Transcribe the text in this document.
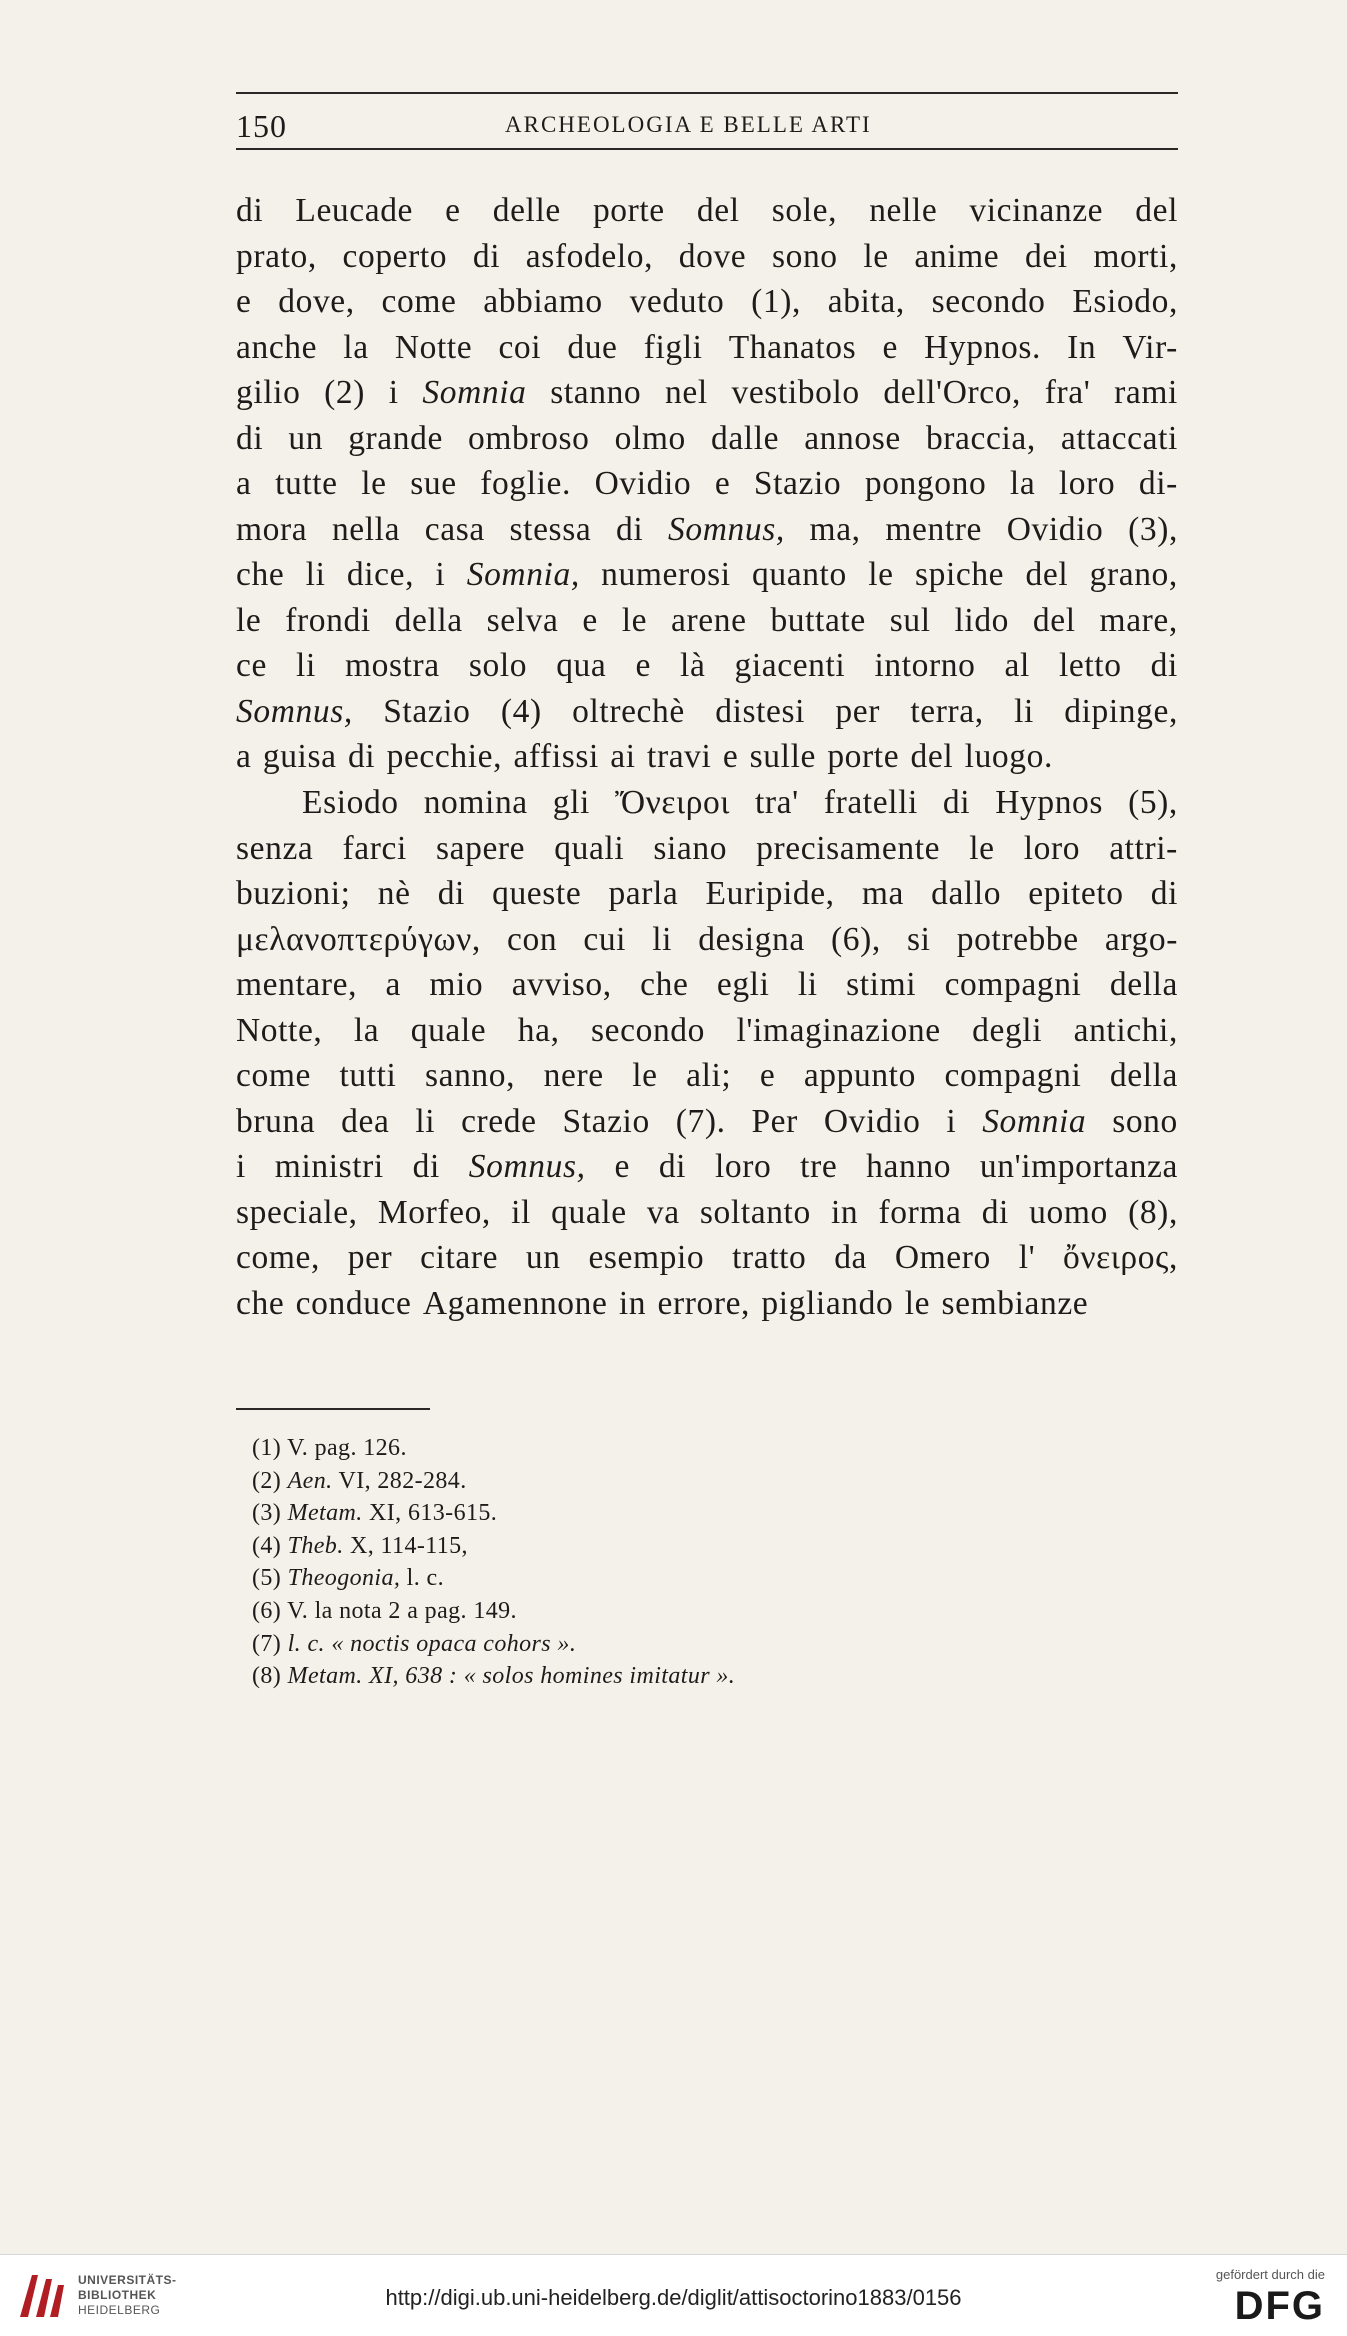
150	ARCHEOLOGIA E BELLE ARTI
di Leucade e delle porte del sole, nelle vicinanze del
prato, coperto di asfodelo, dove sono le anime dei morti,
e dove, come abbiamo veduto (1), abita, secondo Esiodo,
anche la Notte coi due figli Thanatos e Hypnos. In Vir-
gilio (2) i Somnia stanno nel vestibolo dell'Orco, fra' rami
di un grande ombroso olmo dalle annose braccia, attaccati
a tutte le sue foglie. Ovidio e Stazio pongono la loro di-
mora nella casa stessa di Somnus, ma, mentre Ovidio (3),
che li dice, i Somnia, numerosi quanto le spiche del grano,
le frondi della selva e le arene buttate sul lido del mare,
ce li mostra solo qua e là giacenti intorno al letto di
Somnus, Stazio (4) oltrechè distesi per terra, li dipinge,
a guisa di pecchie, affissi ai travi e sulle porte del luogo.
Esiodo nomina gli Ὄνειροι tra' fratelli di Hypnos (5),
senza farci sapere quali siano precisamente le loro attri-
buzioni; nè di queste parla Euripide, ma dallo epiteto di
μελανοπτερύγων, con cui li designa (6), si potrebbe argo-
mentare, a mio avviso, che egli li stimi compagni della
Notte, la quale ha, secondo l'imaginazione degli antichi,
come tutti sanno, nere le ali; e appunto compagni della
bruna dea li crede Stazio (7). Per Ovidio i Somnia sono
i ministri di Somnus, e di loro tre hanno un'importanza
speciale, Morfeo, il quale va soltanto in forma di uomo (8),
come, per citare un esempio tratto da Omero l' ὄνειρος,
che conduce Agamennone in errore, pigliando le sembianze
(1) V. pag. 126.
(2) Aen. VI, 282-284.
(3) Metam. XI, 613-615.
(4) Theb. X, 114-115,
(5) Theogonia, l. c.
(6) V. la nota 2 a pag. 149.
(7) l. c. « noctis opaca cohors ».
(8) Metam. XI, 638 : « solos homines imitatur ».
UNIVERSITÄTS-
BIBLIOTHEK
HEIDELBERG	http://digi.ub.uni-heidelberg.de/diglit/attisoctorino1883/0156
gefördert durch die
DFG
